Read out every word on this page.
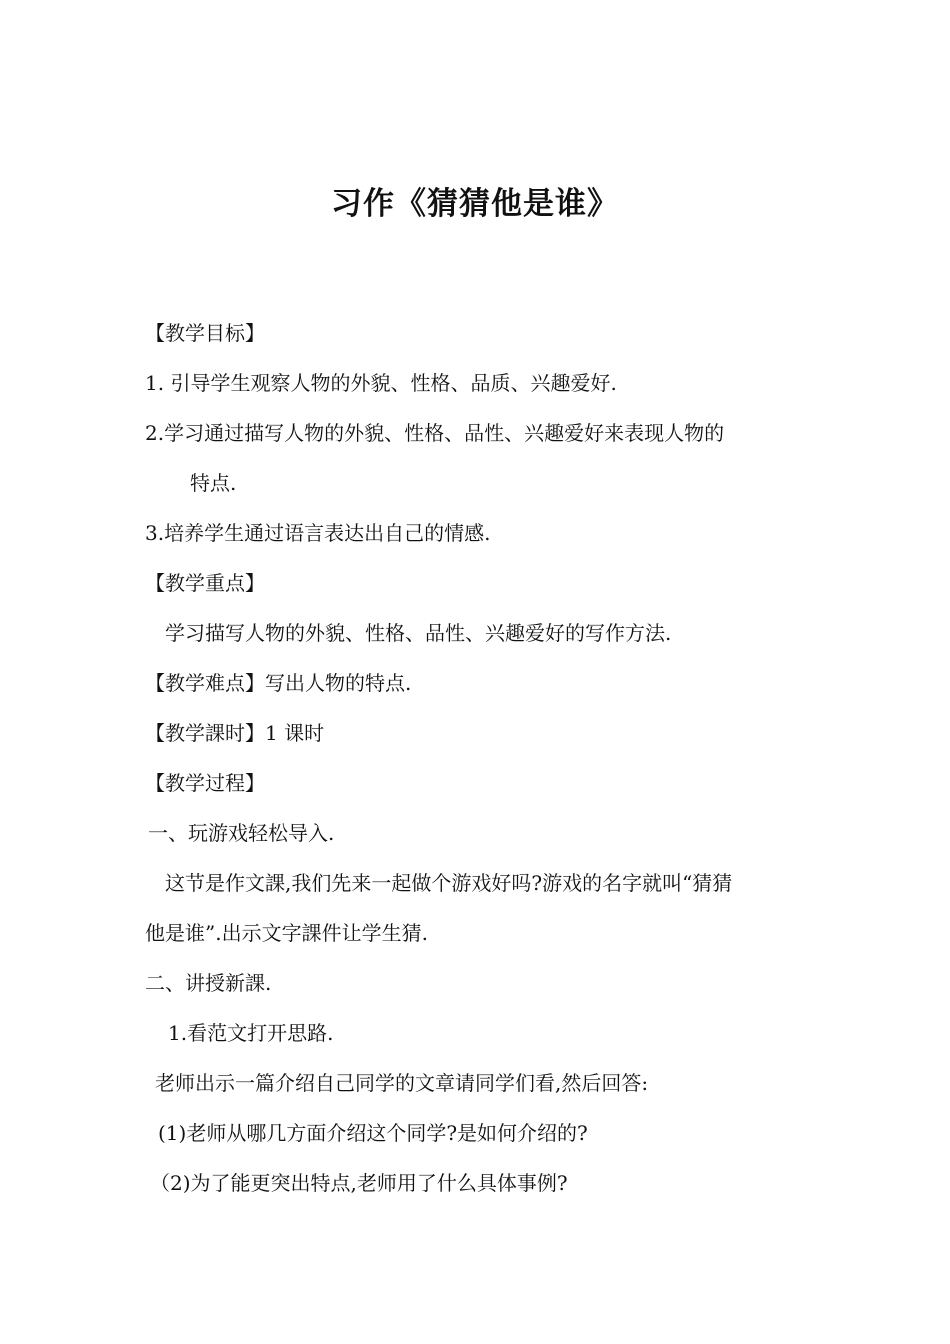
习作《猜猜他是谁》
【教学目标】
1. 引导学生观察人物的外貌、性格、品质、兴趣爱好.
2.学习通过描写人物的外貌、性格、品性、兴趣爱好来表现人物的
特点.
3.培养学生通过语言表达出自己的情感.
【教学重点】
学习描写人物的外貌、性格、品性、兴趣爱好的写作方法.
【教学难点】写出人物的特点.
【教学課时】1 课时
【教学过程】
一、玩游戏轻松导入.
这节是作文課,我们先来一起做个游戏好吗?游戏的名字就叫“猜猜
他是谁”.出示文字課件让学生猜.
二、讲授新課.
1.看范文打开思路.
老师出示一篇介绍自己同学的文章请同学们看,然后回答:
(1)老师从哪几方面介绍这个同学?是如何介绍的?
（2)为了能更突出特点,老师用了什么具体事例?
